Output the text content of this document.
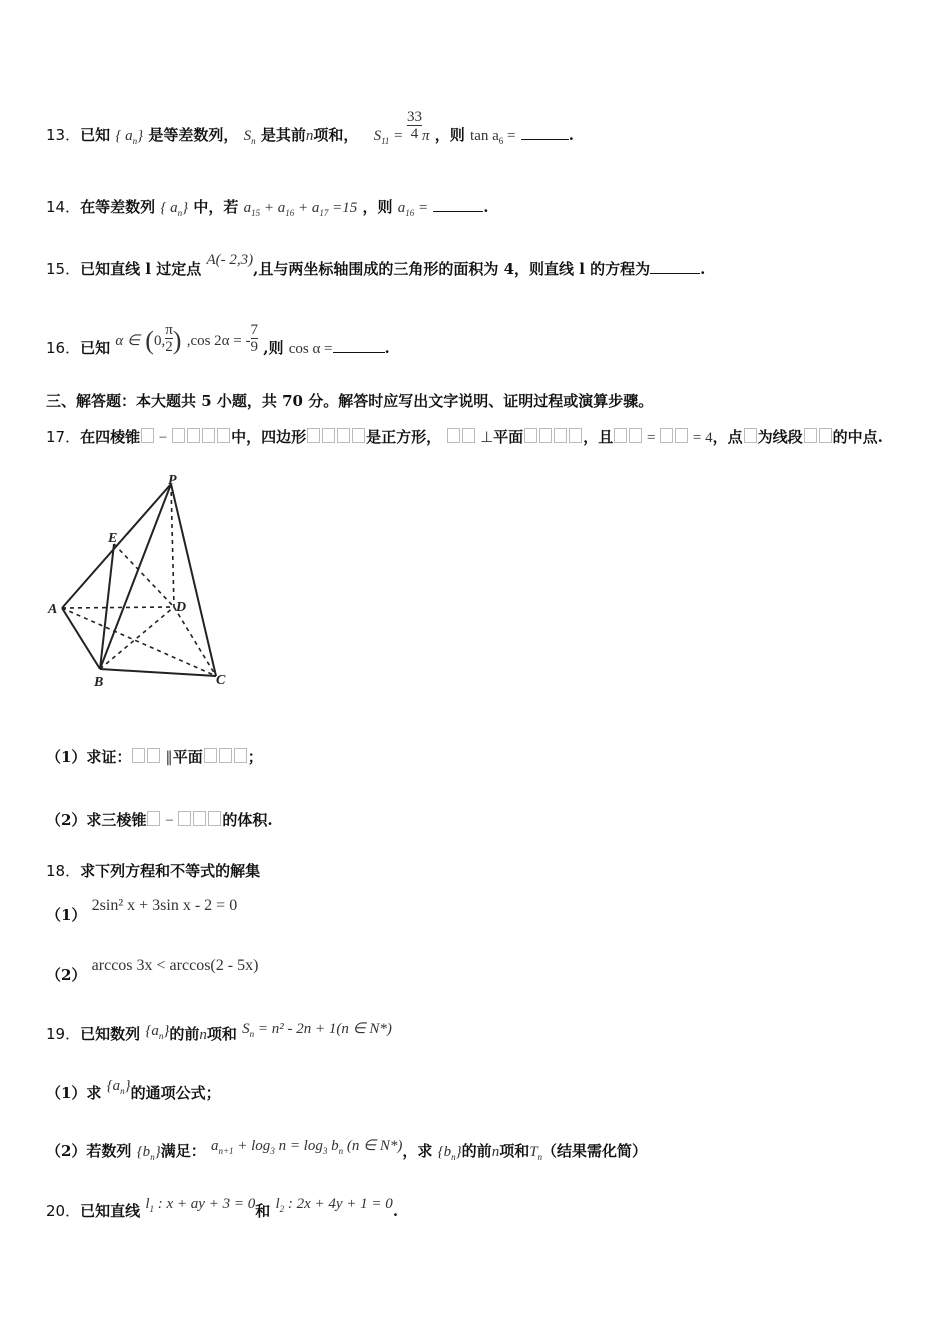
13．已知 { $a_n$} 是等差数列， $S_n$ 是其前n项和， $S_{11} = \frac{33}{4}$ π ，则 $\tan a_6$ =	.
14．在等差数列 { $a_n$} 中，若 $a_{15} + a_{16} + a_{17} =15$ ，则 $a_{16}$ =	.
15．已知直线 l 过定点 A(- 2,3),且与两坐标轴围成的三角形的面积为 4，则直线 l 的方程为	.
16．已知 α ∈ (0, $\frac{\pi}{2}$ ) ,cos 2α = - $\frac{7}{9}$ ,则 cos α =	.
三、解答题：本大题共 5 小题，共 70 分。解答时应写出文字说明、证明过程或演算步骤。
17．在四棱锥 −	中，四边形	是正方形，  ⊥平面	，且 =  = 4，点 为线段 的中点.
P
E
A	D
B	C
（1）求证： ∥平面	；
（2）求三棱锥 −	的体积.
18．求下列方程和不等式的解集
（1） 2sin² x + 3sin x - 2 = 0
（2） arccos 3x < arccos(2 - 5x)
19．已知数列 $\{a_n\}$的前n项和 $S_n = n^2 - 2n + 1(n$ ∈ N*)
（1）求 $\{a_n\}$的通项公式；
（2）若数列 $\{b_n\}$满足： $a_{n+1} + \log_3 n = \log_3 b_n$ (n ∈ N*)，求 $\{b_n\}$的前n项和$T_n$（结果需化简）
20．已知直线 $l_1$ : x + ay + 3 = 0和 $l_2$ : 2x + 4y + 1 = 0.
